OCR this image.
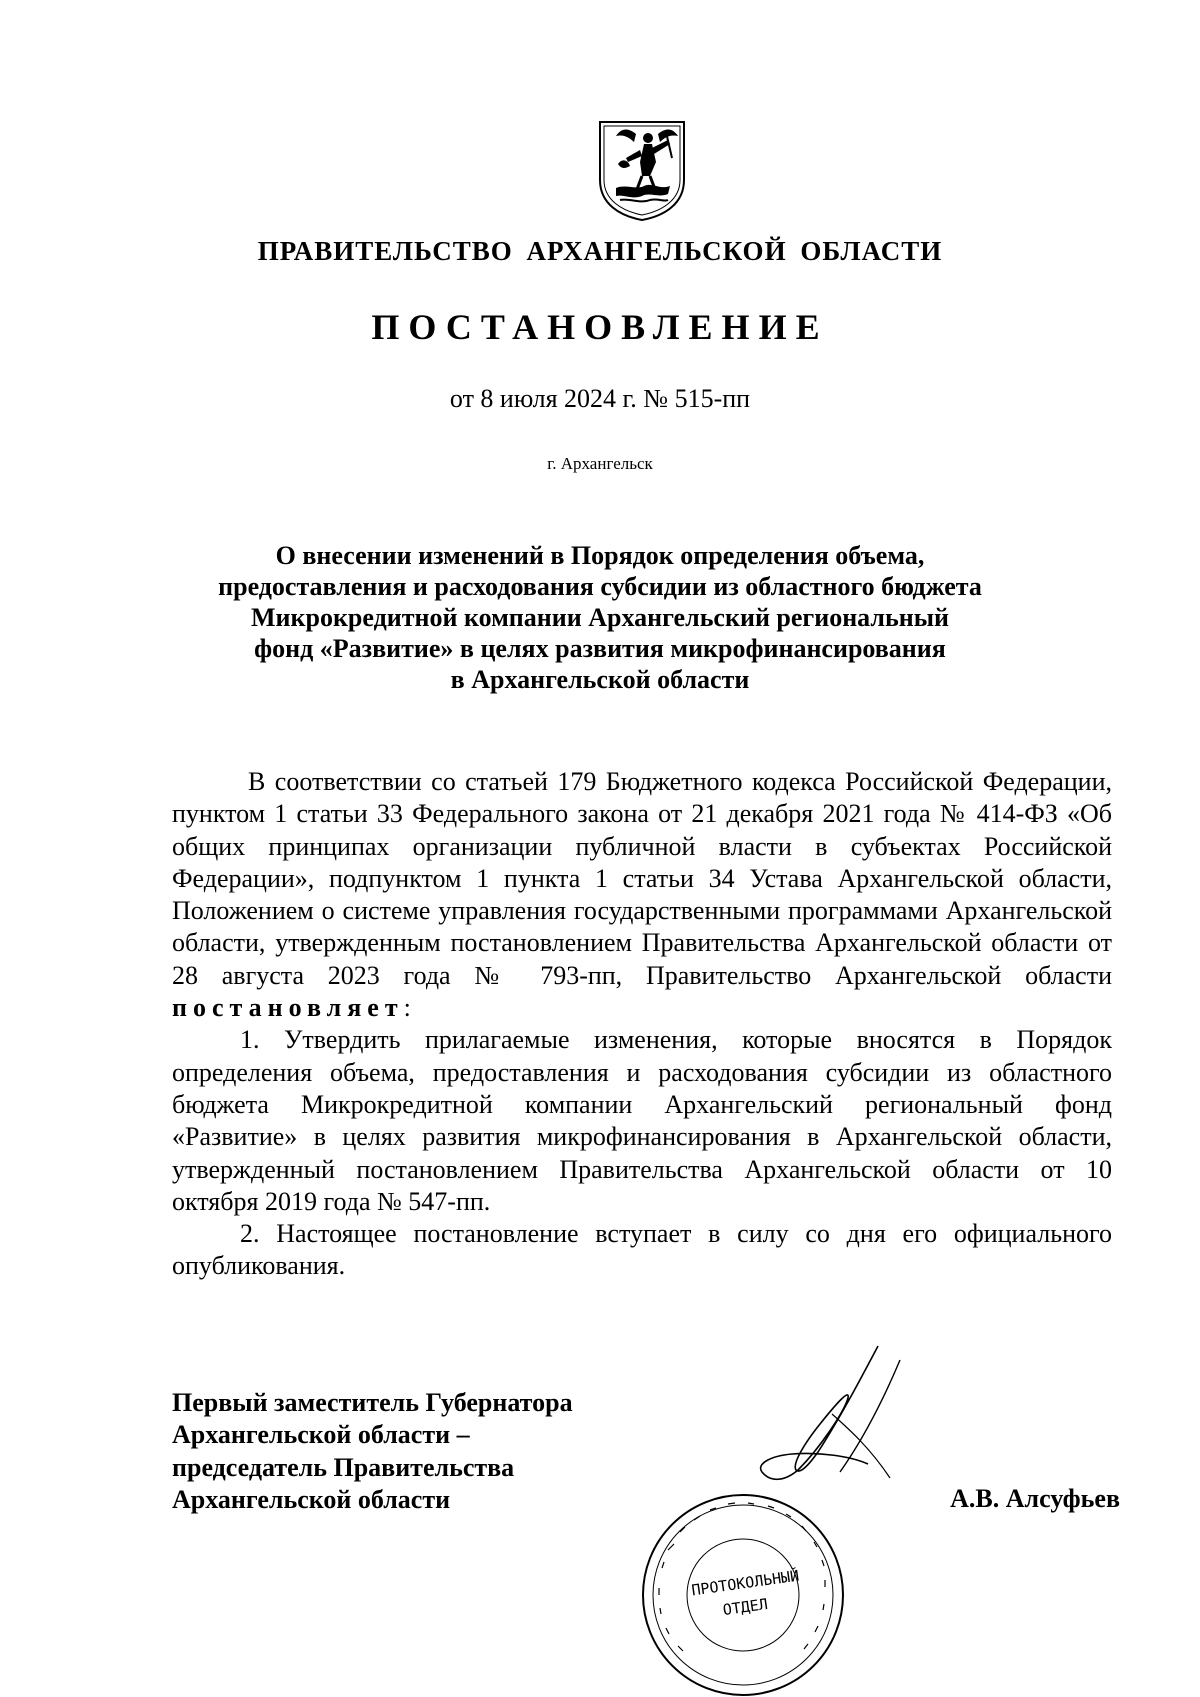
ПРАВИТЕЛЬСТВО АРХАНГЕЛЬСКОЙ ОБЛАСТИ
ПОСТАНОВЛЕНИЕ
от 8 июля 2024 г. № 515-пп
г. Архангельск
О внесении изменений в Порядок определения объема,
предоставления и расходования субсидии из областного бюджета
Микрокредитной компании Архангельский региональный
фонд «Развитие» в целях развития микрофинансирования
в Архангельской области

В соответствии со статьей 179 Бюджетного кодекса Российской Федерации, пунктом 1 статьи 33 Федерального закона от 21 декабря 2021 года № 414-ФЗ «Об общих принципах организации публичной власти в субъектах Российской Федерации», подпунктом 1 пункта 1 статьи 34 Устава Архангельской области, Положением о системе управления государственными программами Архангельской области, утвержденным постановлением Правительства Архангельской области от 28 августа 2023 года № 793-пп, Правительство Архангельской области постановляет:

1. Утвердить прилагаемые изменения, которые вносятся в Порядок определения объема, предоставления и расходования субсидии из областного бюджета Микрокредитной компании Архангельский региональный фонд «Развитие» в целях развития микрофинансирования в Архангельской области, утвержденный постановлением Правительства Архангельской области от 10 октября 2019 года № 547-пп.

2. Настоящее постановление вступает в силу со дня его официального опубликования.

Первый заместитель Губернатора
Архангельской области –
председатель Правительства
Архангельской области
ПРОТОКОЛЬНЫЙ
ОТДЕЛ
А.В. Алсуфьев
